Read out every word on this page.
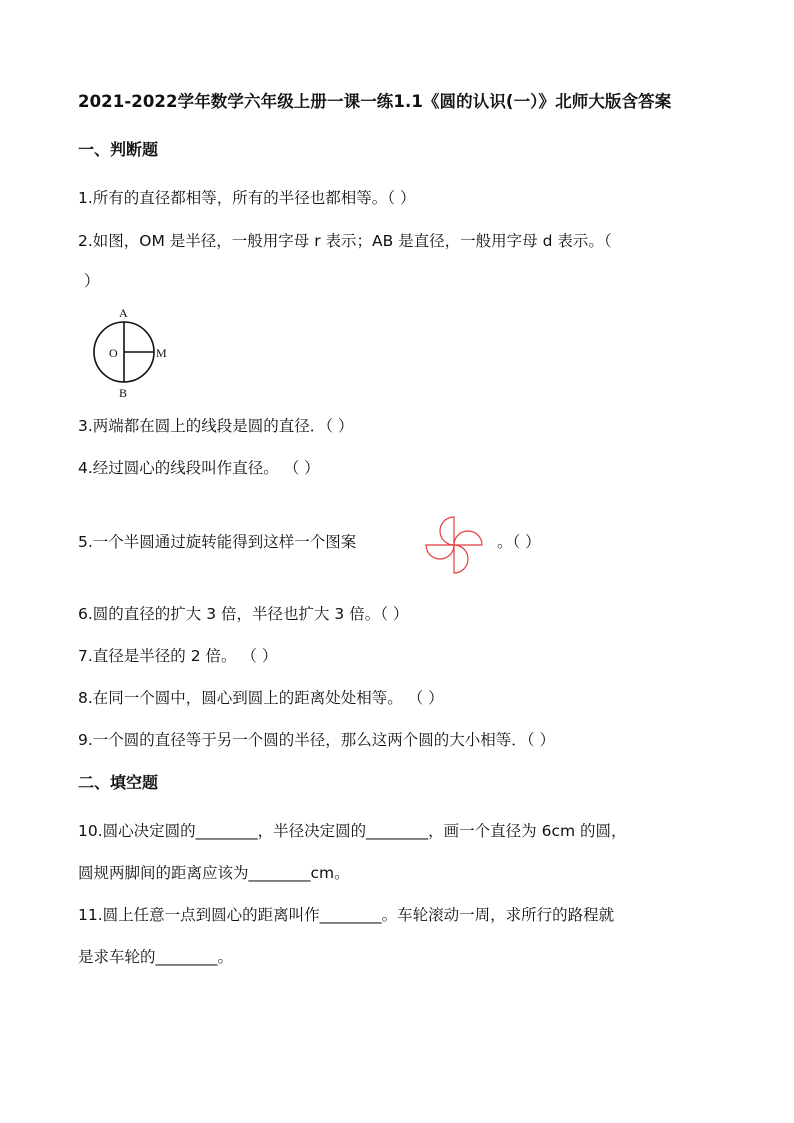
2021-2022学年数学六年级上册一课一练1.1《圆的认识(一）》北师大版含答案
一、判断题
1.所有的直径都相等，所有的半径也都相等。（ ）
2.如图，OM 是半径，一般用字母 r 表示；AB 是直径，一般用字母 d 表示。（
）
A
B
O	M
3.两端都在圆上的线段是圆的直径．（ ）
4.经过圆心的线段叫作直径。 （ ）
5.一个半圆通过旋转能得到这样一个图案	。（ ）
6.圆的直径的扩大 3 倍，半径也扩大 3 倍。（ ）
7.直径是半径的 2 倍。 （ ）
8.在同一个圆中，圆心到圆上的距离处处相等。 （ ）
9.一个圆的直径等于另一个圆的半径，那么这两个圆的大小相等．（ ）
二、填空题
10.圆心决定圆的________，半径决定圆的________，画一个直径为 6cm 的圆，
圆规两脚间的距离应该为________cm。
11.圆上任意一点到圆心的距离叫作________。车轮滚动一周，求所行的路程就
是求车轮的________。
